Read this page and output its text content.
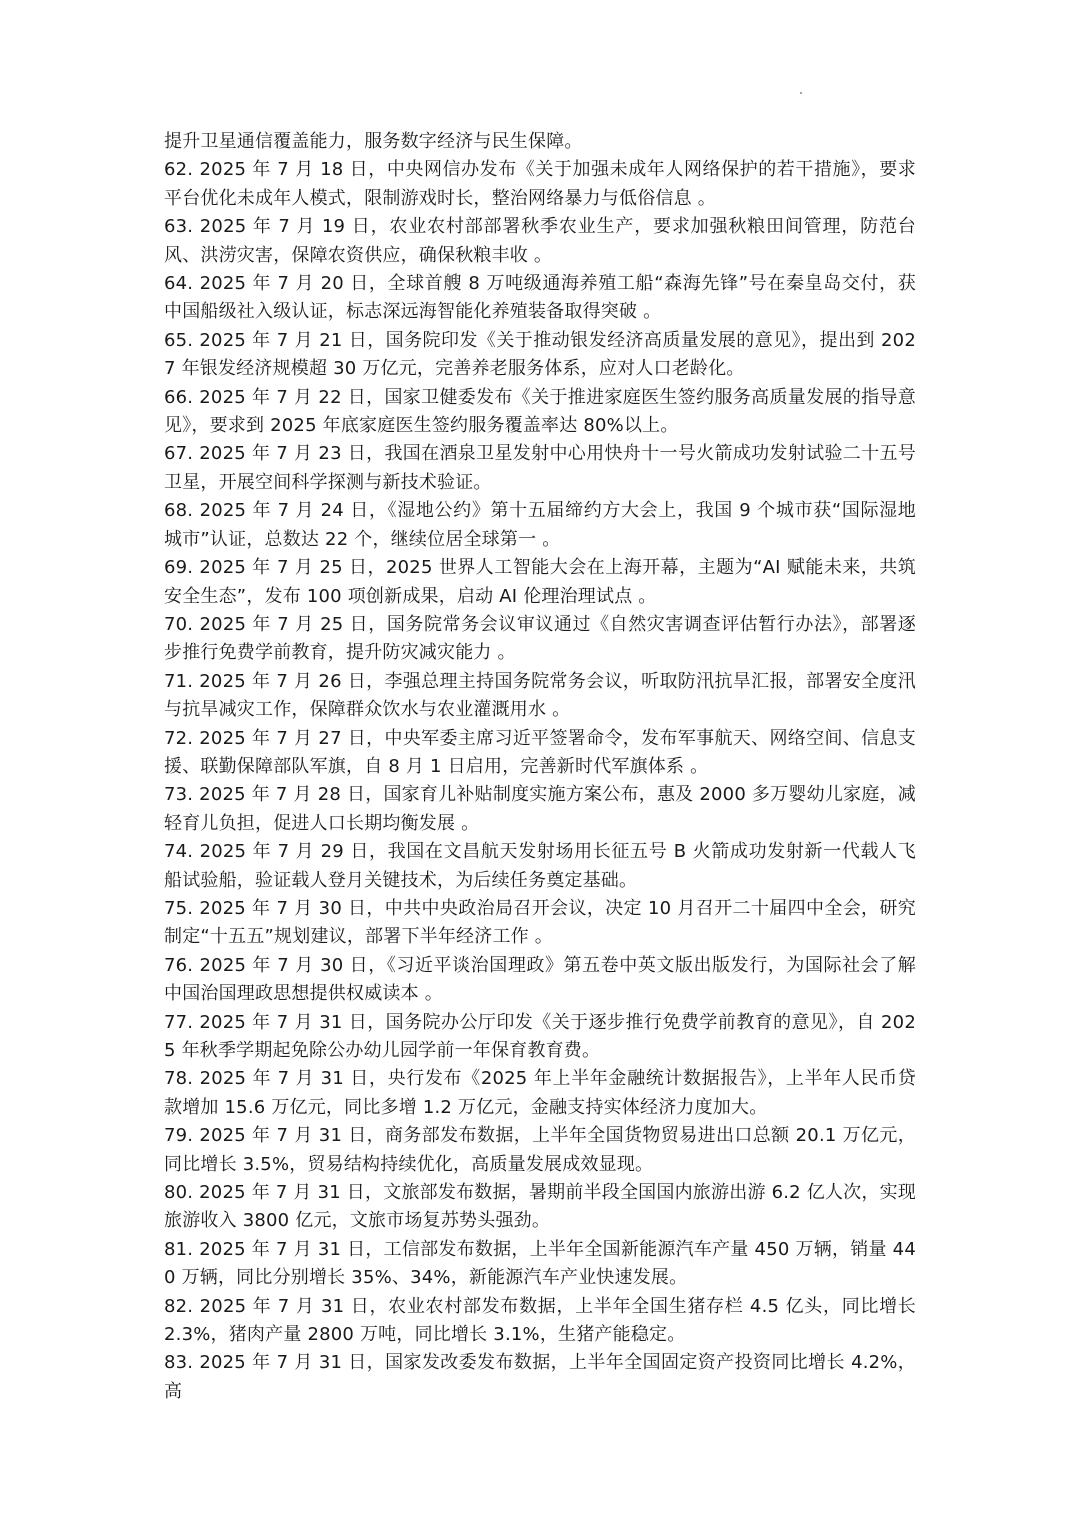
提升卫星通信覆盖能力，服务数字经济与民生保障。

62. 2025 年 7 月 18 日，中央网信办发布《关于加强未成年人网络保护的若干措施》，要求平台优化未成年人模式，限制游戏时长，整治网络暴力与低俗信息 。

63. 2025 年 7 月 19 日，农业农村部部署秋季农业生产，要求加强秋粮田间管理，防范台风、洪涝灾害，保障农资供应，确保秋粮丰收 。

64. 2025 年 7 月 20 日，全球首艘 8 万吨级通海养殖工船“森海先锋”号在秦皇岛交付，获中国船级社入级认证，标志深远海智能化养殖装备取得突破 。

65. 2025 年 7 月 21 日，国务院印发《关于推动银发经济高质量发展的意见》，提出到 2027 年银发经济规模超 30 万亿元，完善养老服务体系，应对人口老龄化。

66. 2025 年 7 月 22 日，国家卫健委发布《关于推进家庭医生签约服务高质量发展的指导意见》，要求到 2025 年底家庭医生签约服务覆盖率达 80%以上。

67. 2025 年 7 月 23 日，我国在酒泉卫星发射中心用快舟十一号火箭成功发射试验二十五号卫星，开展空间科学探测与新技术验证。

68. 2025 年 7 月 24 日，《湿地公约》第十五届缔约方大会上，我国 9 个城市获“国际湿地城市”认证，总数达 22 个，继续位居全球第一 。

69. 2025 年 7 月 25 日，2025 世界人工智能大会在上海开幕，主题为“AI 赋能未来，共筑安全生态”，发布 100 项创新成果，启动 AI 伦理治理试点 。

70. 2025 年 7 月 25 日，国务院常务会议审议通过《自然灾害调查评估暂行办法》，部署逐步推行免费学前教育，提升防灾减灾能力 。

71. 2025 年 7 月 26 日，李强总理主持国务院常务会议，听取防汛抗旱汇报，部署安全度汛与抗旱减灾工作，保障群众饮水与农业灌溉用水 。

72. 2025 年 7 月 27 日，中央军委主席习近平签署命令，发布军事航天、网络空间、信息支援、联勤保障部队军旗，自 8 月 1 日启用，完善新时代军旗体系 。

73. 2025 年 7 月 28 日，国家育儿补贴制度实施方案公布，惠及 2000 多万婴幼儿家庭，减轻育儿负担，促进人口长期均衡发展 。

74. 2025 年 7 月 29 日，我国在文昌航天发射场用长征五号 B 火箭成功发射新一代载人飞船试验船，验证载人登月关键技术，为后续任务奠定基础。

75. 2025 年 7 月 30 日，中共中央政治局召开会议，决定 10 月召开二十届四中全会，研究制定“十五五”规划建议，部署下半年经济工作 。

76. 2025 年 7 月 30 日，《习近平谈治国理政》第五卷中英文版出版发行，为国际社会了解中国治国理政思想提供权威读本 。

77. 2025 年 7 月 31 日，国务院办公厅印发《关于逐步推行免费学前教育的意见》，自 2025 年秋季学期起免除公办幼儿园学前一年保育教育费。

78. 2025 年 7 月 31 日，央行发布《2025 年上半年金融统计数据报告》，上半年人民币贷款增加 15.6 万亿元，同比多增 1.2 万亿元，金融支持实体经济力度加大。

79. 2025 年 7 月 31 日，商务部发布数据，上半年全国货物贸易进出口总额 20.1 万亿元，同比增长 3.5%，贸易结构持续优化，高质量发展成效显现。

80. 2025 年 7 月 31 日，文旅部发布数据，暑期前半段全国国内旅游出游 6.2 亿人次，实现旅游收入 3800 亿元，文旅市场复苏势头强劲。

81. 2025 年 7 月 31 日，工信部发布数据，上半年全国新能源汽车产量 450 万辆，销量 440 万辆，同比分别增长 35%、34%，新能源汽车产业快速发展。

82. 2025 年 7 月 31 日，农业农村部发布数据，上半年全国生猪存栏 4.5 亿头，同比增长 2.3%，猪肉产量 2800 万吨，同比增长 3.1%，生猪产能稳定。

83. 2025 年 7 月 31 日，国家发改委发布数据，上半年全国固定资产投资同比增长 4.2%，高
